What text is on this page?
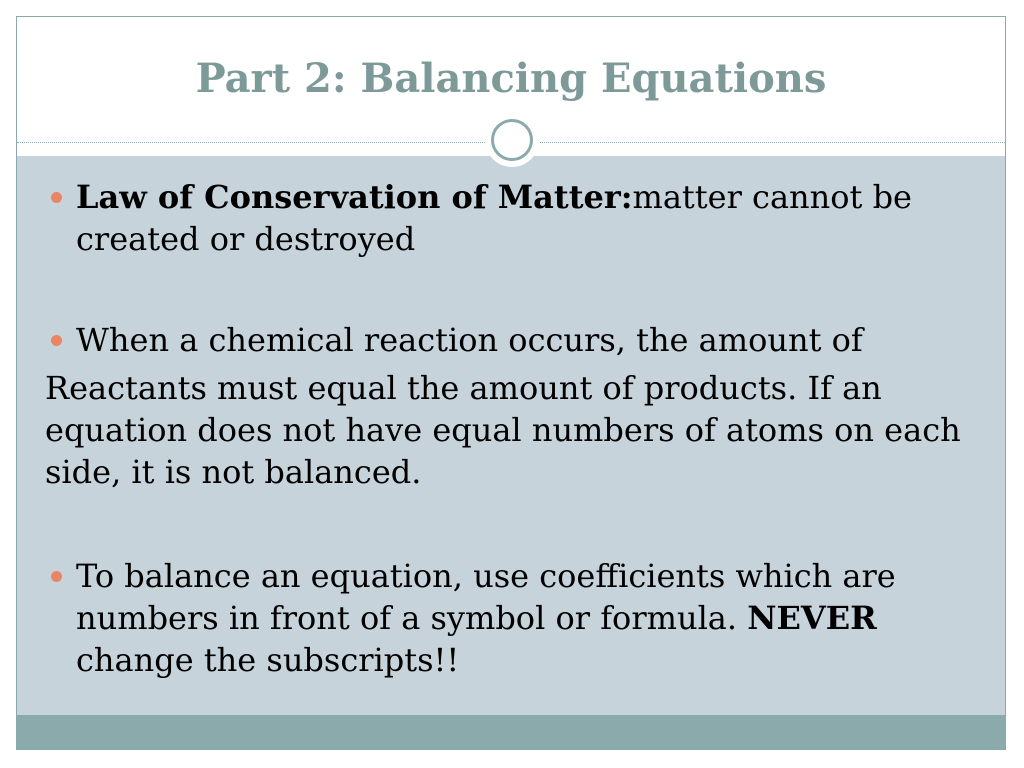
Part 2: Balancing Equations
Law of Conservation of Matter:matter cannot be created or destroyed
When a chemical reaction occurs, the amount of
Reactants must equal the amount of products. If an equation does not have equal numbers of atoms on each side, it is not balanced.
To balance an equation, use coefficients which are numbers in front of a symbol or formula. NEVER change the subscripts!!
